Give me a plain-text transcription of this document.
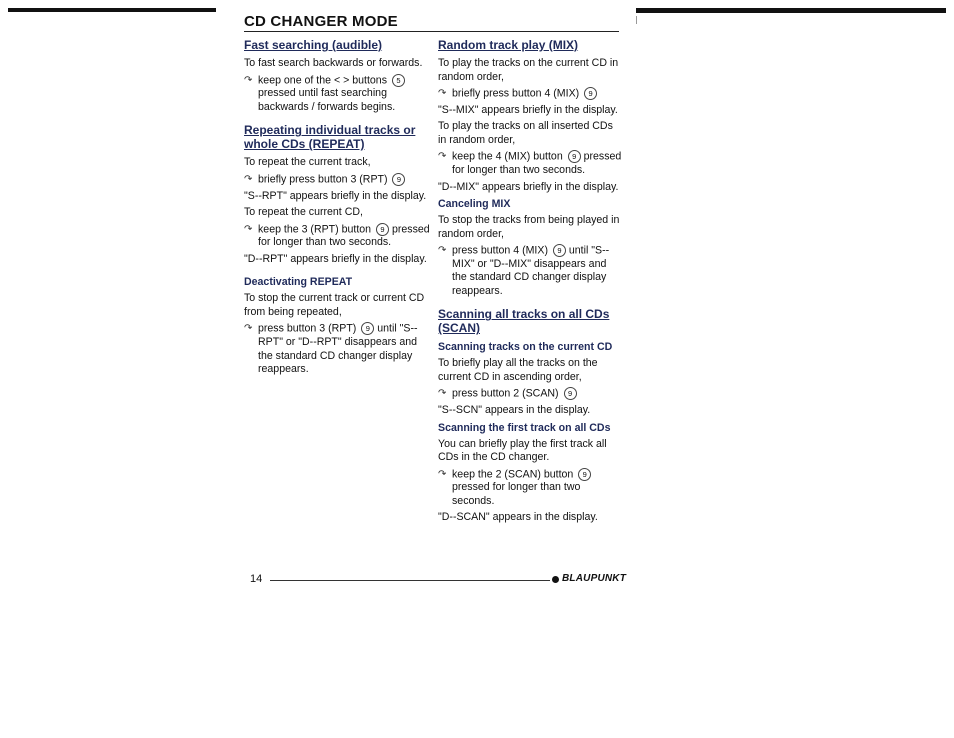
CD CHANGER MODE
Fast searching (audible)
To fast search backwards or forwards.
↷ keep one of the < > buttons 5 pressed until fast searching backwards / forwards begins.
Repeating individual tracks or whole CDs (REPEAT)
To repeat the current track,
↷ briefly press button 3 (RPT) 9
"S--RPT" appears briefly in the display.
To repeat the current CD,
↷ keep the 3 (RPT) button 9 pressed for longer than two seconds.
"D--RPT" appears briefly in the display.
Deactivating REPEAT
To stop the current track or current CD from being repeated,
↷ press button 3 (RPT) 9 until "S--RPT" or "D--RPT" disappears and the standard CD changer display reappears.
Random track play (MIX)
To play the tracks on the current CD in random order,
↷ briefly press button 4 (MIX) 9
"S--MIX" appears briefly in the display.
To play the tracks on all inserted CDs in random order,
↷ keep the 4 (MIX) button 9 pressed for longer than two seconds.
"D--MIX" appears briefly in the display.
Canceling MIX
To stop the tracks from being played in random order,
↷ press button 4 (MIX) 9 until "S--MIX" or "D--MIX" disappears and the standard CD changer display reappears.
Scanning all tracks on all CDs (SCAN)
Scanning tracks on the current CD
To briefly play all the tracks on the current CD in ascending order,
↷ press button 2 (SCAN) 9
"S--SCN" appears in the display.
Scanning the first track on all CDs
You can briefly play the first track all CDs in the CD changer.
↷ keep the 2 (SCAN) button 9 pressed for longer than two seconds.
"D--SCAN" appears in the display.
14	BLAUPUNKT
